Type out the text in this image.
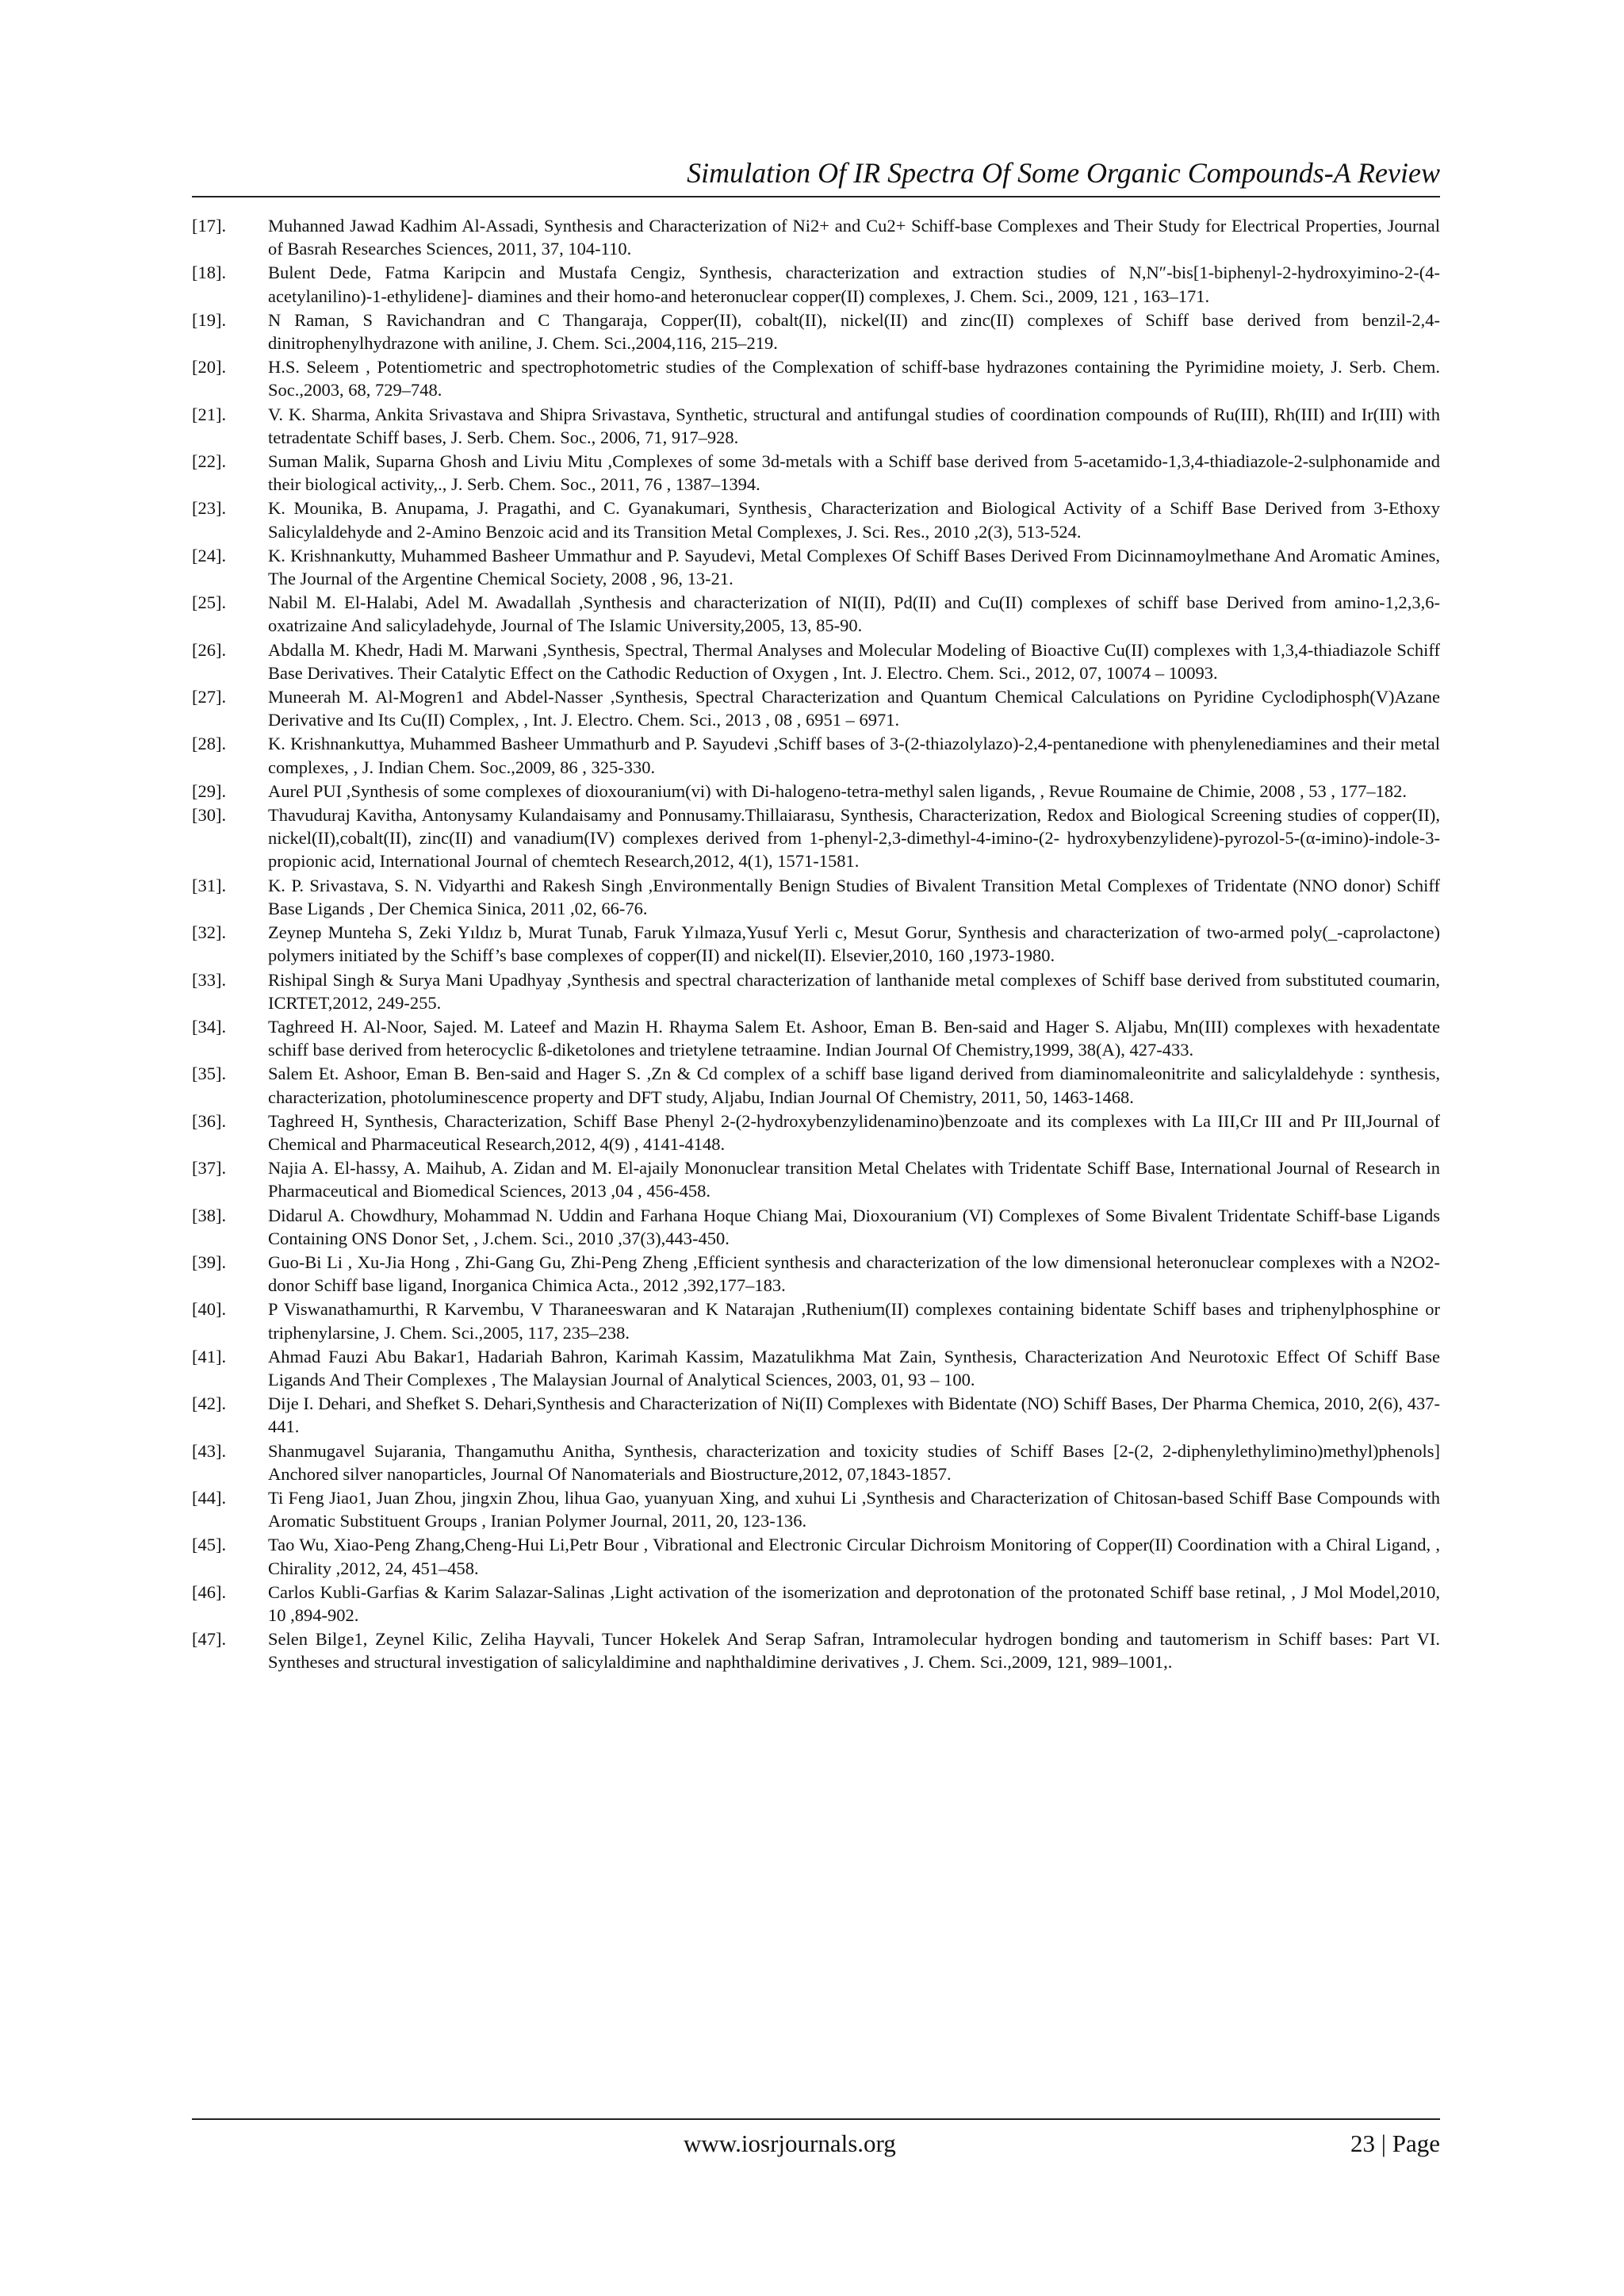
Simulation Of IR Spectra Of Some Organic Compounds-A Review
[17].	Muhanned Jawad Kadhim Al-Assadi, Synthesis and Characterization of Ni2+ and Cu2+ Schiff-base Complexes and Their Study for Electrical Properties, Journal of Basrah Researches Sciences, 2011, 37, 104-110.
[18].	Bulent Dede, Fatma Karipcin and Mustafa Cengiz, Synthesis, characterization and extraction studies of N,N″-bis[1-biphenyl-2-hydroxyimino-2-(4-acetylanilino)-1-ethylidene]- diamines and their homo-and heteronuclear copper(II) complexes, J. Chem. Sci., 2009, 121 , 163–171.
[19].	N Raman, S Ravichandran and C Thangaraja, Copper(II), cobalt(II), nickel(II) and zinc(II) complexes of Schiff base derived from benzil-2,4-dinitrophenylhydrazone with aniline, J. Chem. Sci.,2004,116, 215–219.
[20].	H.S. Seleem , Potentiometric and spectrophotometric studies of the Complexation of schiff-base hydrazones containing the Pyrimidine moiety, J. Serb. Chem. Soc.,2003, 68, 729–748.
[21].	V. K. Sharma, Ankita Srivastava and Shipra Srivastava, Synthetic, structural and antifungal studies of coordination compounds of Ru(III), Rh(III) and Ir(III) with tetradentate Schiff bases, J. Serb. Chem. Soc., 2006, 71, 917–928.
[22].	Suman Malik, Suparna Ghosh and Liviu Mitu ,Complexes of some 3d-metals with a Schiff base derived from 5-acetamido-1,3,4-thiadiazole-2-sulphonamide and their biological activity,., J. Serb. Chem. Soc., 2011, 76 , 1387–1394.
[23].	K. Mounika, B. Anupama, J. Pragathi, and C. Gyanakumari, Synthesis¸ Characterization and Biological Activity of a Schiff Base Derived from 3-Ethoxy Salicylaldehyde and 2-Amino Benzoic acid and its Transition Metal Complexes, J. Sci. Res., 2010 ,2(3), 513-524.
[24].	K. Krishnankutty, Muhammed Basheer Ummathur and P. Sayudevi, Metal Complexes Of Schiff Bases Derived From Dicinnamoylmethane And Aromatic Amines, The Journal of the Argentine Chemical Society, 2008 , 96, 13-21.
[25].	Nabil M. El-Halabi, Adel M. Awadallah ,Synthesis and characterization of NI(II), Pd(II) and Cu(II) complexes of schiff base Derived from amino-1,2,3,6-oxatrizaine And salicyladehyde, Journal of The Islamic University,2005, 13, 85-90.
[26].	Abdalla M. Khedr, Hadi M. Marwani ,Synthesis, Spectral, Thermal Analyses and Molecular Modeling of Bioactive Cu(II) complexes with 1,3,4-thiadiazole Schiff Base Derivatives. Their Catalytic Effect on the Cathodic Reduction of Oxygen , Int. J. Electro. Chem. Sci., 2012, 07, 10074 – 10093.
[27].	Muneerah M. Al-Mogren1 and Abdel-Nasser ,Synthesis, Spectral Characterization and Quantum Chemical Calculations on Pyridine Cyclodiphosph(V)Azane Derivative and Its Cu(II) Complex, , Int. J. Electro. Chem. Sci., 2013 , 08 , 6951 – 6971.
[28].	K. Krishnankuttya, Muhammed Basheer Ummathurb and P. Sayudevi ,Schiff bases of 3-(2-thiazolylazo)-2,4-pentanedione with phenylenediamines and their metal complexes, , J. Indian Chem. Soc.,2009, 86 , 325-330.
[29].	Aurel PUI ,Synthesis of some complexes of dioxouranium(vi) with Di-halogeno-tetra-methyl salen ligands, , Revue Roumaine de Chimie, 2008 , 53 , 177–182.
[30].	Thavuduraj Kavitha, Antonysamy Kulandaisamy and Ponnusamy.Thillaiarasu, Synthesis, Characterization, Redox and Biological Screening studies of copper(II), nickel(II),cobalt(II), zinc(II) and vanadium(IV) complexes derived from 1-phenyl-2,3-dimethyl-4-imino-(2- hydroxybenzylidene)-pyrozol-5-(α-imino)-indole-3- propionic acid, International Journal of chemtech Research,2012, 4(1), 1571-1581.
[31].	K. P. Srivastava, S. N. Vidyarthi and Rakesh Singh ,Environmentally Benign Studies of Bivalent Transition Metal Complexes of Tridentate (NNO donor) Schiff Base Ligands , Der Chemica Sinica, 2011 ,02, 66-76.
[32].	Zeynep Munteha S, Zeki Yıldız b, Murat Tunab, Faruk Yılmaza,Yusuf Yerli c, Mesut Gorur, Synthesis and characterization of two-armed poly(_-caprolactone) polymers initiated by the Schiff’s base complexes of copper(II) and nickel(II). Elsevier,2010, 160 ,1973-1980.
[33].	Rishipal Singh & Surya Mani Upadhyay ,Synthesis and spectral characterization of lanthanide metal complexes of Schiff base derived from substituted coumarin, ICRTET,2012, 249-255.
[34].	Taghreed H. Al-Noor, Sajed. M. Lateef and Mazin H. Rhayma Salem Et. Ashoor, Eman B. Ben-said and Hager S. Aljabu, Mn(III) complexes with hexadentate schiff base derived from heterocyclic ß-diketolones and trietylene tetraamine. Indian Journal Of Chemistry,1999, 38(A), 427-433.
[35].	Salem Et. Ashoor, Eman B. Ben-said and Hager S. ,Zn & Cd complex of a schiff base ligand derived from diaminomaleonitrite and salicylaldehyde : synthesis, characterization, photoluminescence property and DFT study, Aljabu, Indian Journal Of Chemistry, 2011, 50, 1463-1468.
[36].	Taghreed H, Synthesis, Characterization, Schiff Base Phenyl 2-(2-hydroxybenzylidenamino)benzoate and its complexes with La III,Cr III and Pr III,Journal of Chemical and Pharmaceutical Research,2012, 4(9) , 4141-4148.
[37].	Najia A. El-hassy, A. Maihub, A. Zidan and M. El-ajaily Mononuclear transition Metal Chelates with Tridentate Schiff Base, International Journal of Research in Pharmaceutical and Biomedical Sciences, 2013 ,04 , 456-458.
[38].	Didarul A. Chowdhury, Mohammad N. Uddin and Farhana Hoque Chiang Mai, Dioxouranium (VI) Complexes of Some Bivalent Tridentate Schiff-base Ligands Containing ONS Donor Set, , J.chem. Sci., 2010 ,37(3),443-450.
[39].	Guo-Bi Li , Xu-Jia Hong , Zhi-Gang Gu, Zhi-Peng Zheng ,Efficient synthesis and characterization of the low dimensional heteronuclear complexes with a N2O2-donor Schiff base ligand, Inorganica Chimica Acta., 2012 ,392,177–183.
[40].	P Viswanathamurthi, R Karvembu, V Tharaneeswaran and K Natarajan ,Ruthenium(II) complexes containing bidentate Schiff bases and triphenylphosphine or triphenylarsine, J. Chem. Sci.,2005, 117, 235–238.
[41].	Ahmad Fauzi Abu Bakar1, Hadariah Bahron, Karimah Kassim, Mazatulikhma Mat Zain, Synthesis, Characterization And Neurotoxic Effect Of Schiff Base Ligands And Their Complexes , The Malaysian Journal of Analytical Sciences, 2003, 01, 93 – 100.
[42].	Dije I. Dehari, and Shefket S. Dehari,Synthesis and Characterization of Ni(II) Complexes with Bidentate (NO) Schiff Bases, Der Pharma Chemica, 2010, 2(6), 437-441.
[43].	Shanmugavel Sujarania, Thangamuthu Anitha, Synthesis, characterization and toxicity studies of Schiff Bases [2-(2, 2-diphenylethylimino)methyl)phenols] Anchored silver nanoparticles, Journal Of Nanomaterials and Biostructure,2012, 07,1843-1857.
[44].	Ti Feng Jiao1, Juan Zhou, jingxin Zhou, lihua Gao, yuanyuan Xing, and xuhui Li ,Synthesis and Characterization of Chitosan-based Schiff Base Compounds with Aromatic Substituent Groups , Iranian Polymer Journal, 2011, 20, 123-136.
[45].	Tao Wu, Xiao-Peng Zhang,Cheng-Hui Li,Petr Bour , Vibrational and Electronic Circular Dichroism Monitoring of Copper(II) Coordination with a Chiral Ligand, , Chirality ,2012, 24, 451–458.
[46].	Carlos Kubli-Garfias & Karim Salazar-Salinas ,Light activation of the isomerization and deprotonation of the protonated Schiff base retinal, , J Mol Model,2010, 10 ,894-902.
[47].	Selen Bilge1, Zeynel Kilic, Zeliha Hayvali, Tuncer Hokelek And Serap Safran, Intramolecular hydrogen bonding and tautomerism in Schiff bases: Part VI. Syntheses and structural investigation of salicylaldimine and naphthaldimine derivatives , J. Chem. Sci.,2009, 121, 989–1001,.
www.iosrjournals.org	23 | Page
